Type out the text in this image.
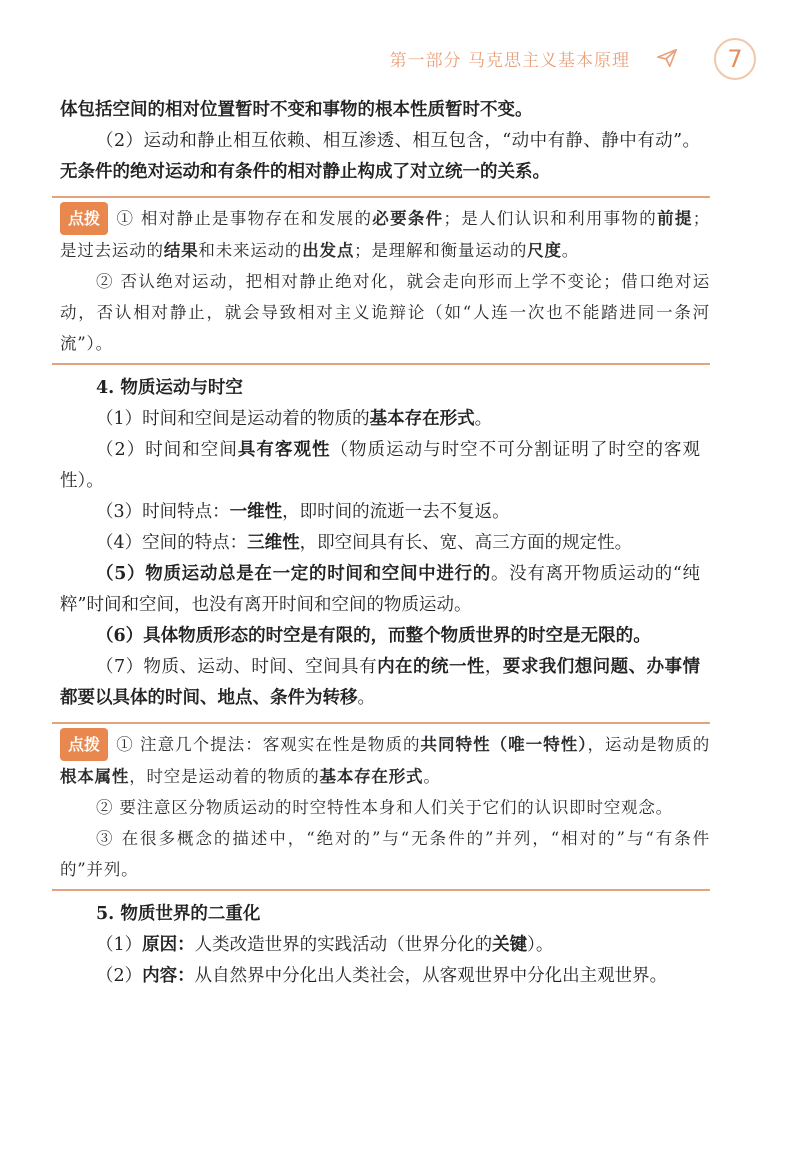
第一部分 马克思主义基本原理	7

体包括空间的相对位置暂时不变和事物的根本性质暂时不变。

（2）运动和静止相互依赖、相互渗透、相互包含，“动中有静、静中有动”。无条件的绝对运动和有条件的相对静止构成了对立统一的关系。

点拨 ① 相对静止是事物存在和发展的必要条件；是人们认识和利用事物的前提；是过去运动的结果和未来运动的出发点；是理解和衡量运动的尺度。

② 否认绝对运动，把相对静止绝对化，就会走向形而上学不变论；借口绝对运动，否认相对静止，就会导致相对主义诡辩论（如“人连一次也不能踏进同一条河流”）。

4. 物质运动与时空

（1）时间和空间是运动着的物质的基本存在形式。

（2）时间和空间具有客观性（物质运动与时空不可分割证明了时空的客观性）。

（3）时间特点：一维性，即时间的流逝一去不复返。

（4）空间的特点：三维性，即空间具有长、宽、高三方面的规定性。

（5）物质运动总是在一定的时间和空间中进行的。没有离开物质运动的“纯粹”时间和空间，也没有离开时间和空间的物质运动。

（6）具体物质形态的时空是有限的，而整个物质世界的时空是无限的。

（7）物质、运动、时间、空间具有内在的统一性，要求我们想问题、办事情都要以具体的时间、地点、条件为转移。

点拨 ① 注意几个提法：客观实在性是物质的共同特性（唯一特性），运动是物质的根本属性，时空是运动着的物质的基本存在形式。

② 要注意区分物质运动的时空特性本身和人们关于它们的认识即时空观念。

③ 在很多概念的描述中，“绝对的”与“无条件的”并列，“相对的”与“有条件的”并列。

5. 物质世界的二重化

（1）原因：人类改造世界的实践活动（世界分化的关键）。

（2）内容：从自然界中分化出人类社会，从客观世界中分化出主观世界。
